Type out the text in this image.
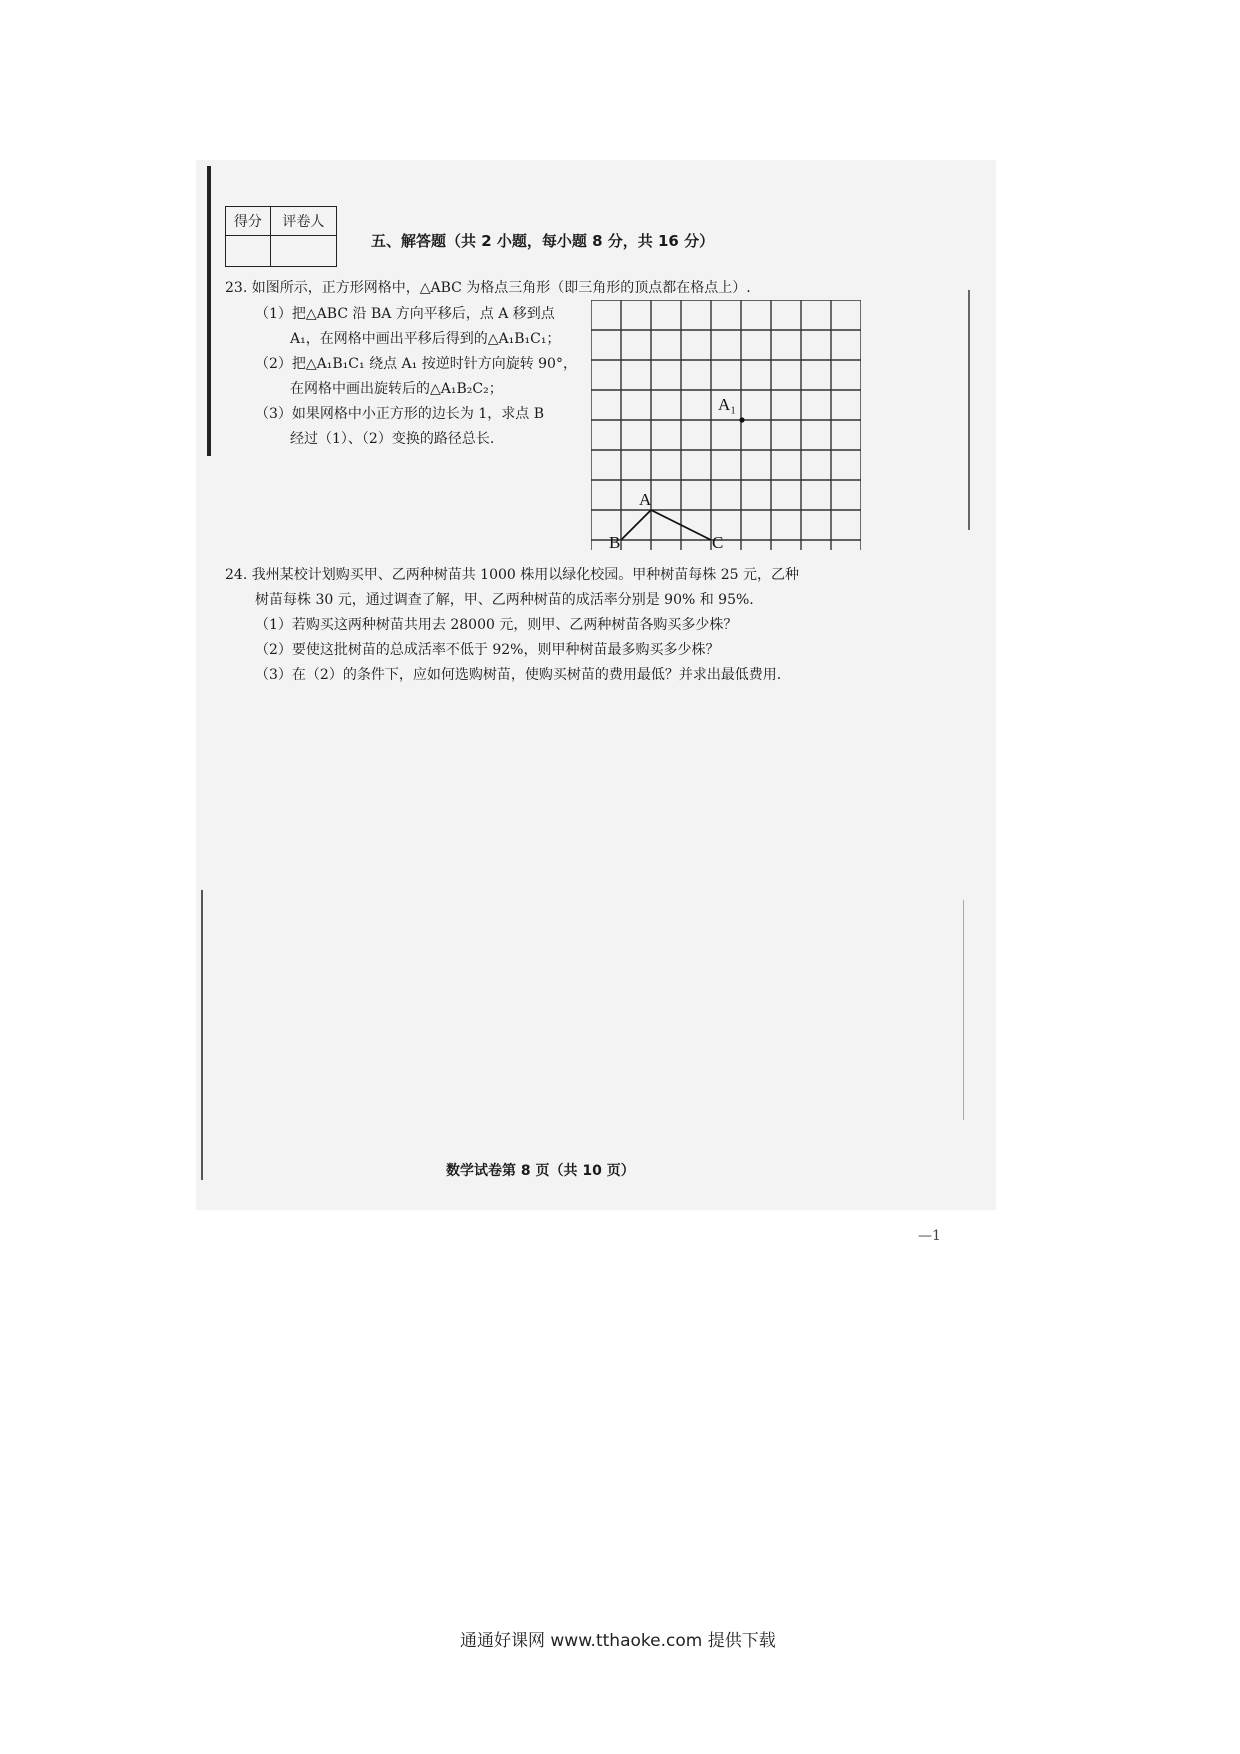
得分	评卷人

五、解答题（共 2 小题，每小题 8 分，共 16 分）
23. 如图所示，正方形网格中，△ABC 为格点三角形（即三角形的顶点都在格点上）.
（1）把△ABC 沿 BA 方向平移后，点 A 移到点
A₁，在网格中画出平移后得到的△A₁B₁C₁；
（2）把△A₁B₁C₁ 绕点 A₁ 按逆时针方向旋转 90°，
在网格中画出旋转后的△A₁B₂C₂；
（3）如果网格中小正方形的边长为 1，求点 B
经过（1）、（2）变换的路径总长.
A
B	C
A₁
24. 我州某校计划购买甲、乙两种树苗共 1000 株用以绿化校园。甲种树苗每株 25 元，乙种
树苗每株 30 元，通过调查了解，甲、乙两种树苗的成活率分别是 90% 和 95%.
（1）若购买这两种树苗共用去 28000 元，则甲、乙两种树苗各购买多少株？
（2）要使这批树苗的总成活率不低于 92%，则甲种树苗最多购买多少株？
（3）在（2）的条件下，应如何选购树苗，使购买树苗的费用最低？并求出最低费用.
数学试卷第 8 页（共 10 页）
—1
通通好课网 www.tthaoke.com 提供下载
